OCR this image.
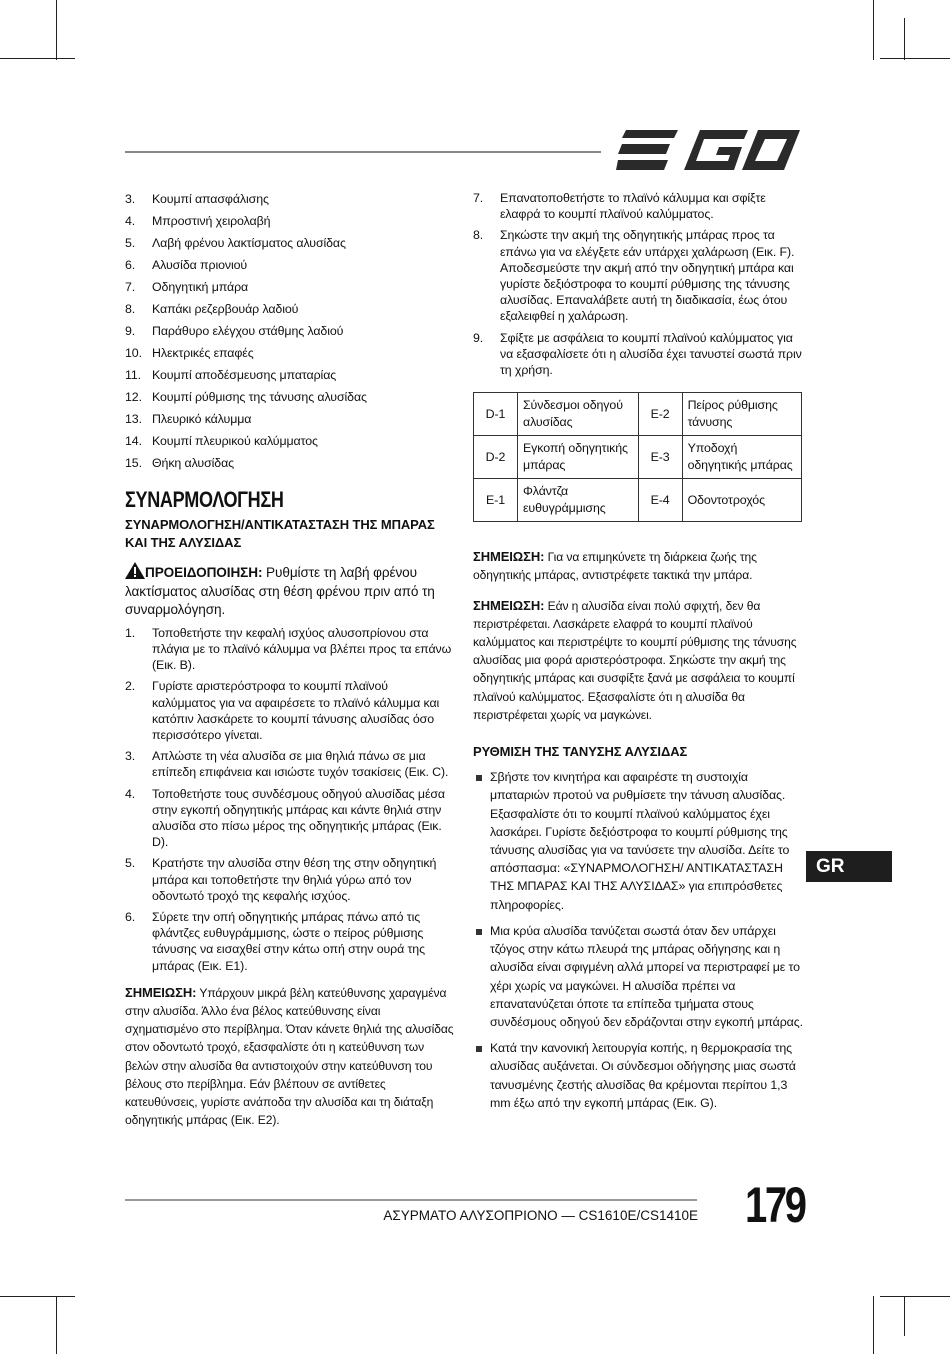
3. Κουμπί απασφάλισης
4. Μπροστινή χειρολαβή
5. Λαβή φρένου λακτίσματος αλυσίδας
6. Αλυσίδα πριονιού
7. Οδηγητική μπάρα
8. Καπάκι ρεζερβουάρ λαδιού
9. Παράθυρο ελέγχου στάθμης λαδιού
10. Ηλεκτρικές επαφές
11. Κουμπί αποδέσμευσης μπαταρίας
12. Κουμπί ρύθμισης της τάνυσης αλυσίδας
13. Πλευρικό κάλυμμα
14. Κουμπί πλευρικού καλύμματος
15. Θήκη αλυσίδας
ΣΥΝΑΡΜΟΛΟΓΗΣΗ
ΣΥΝΑΡΜΟΛΟΓΗΣΗ/ΑΝΤΙΚΑΤΑΣΤΑΣΗ ΤΗΣ ΜΠΑΡΑΣ ΚΑΙ ΤΗΣ ΑΛΥΣΙΔΑΣ
ΠΡΟΕΙΔΟΠΟΙΗΣΗ: Ρυθμίστε τη λαβή φρένου λακτίσματος αλυσίδας στη θέση φρένου πριν από τη συναρμολόγηση.
1. Τοποθετήστε την κεφαλή ισχύος αλυσοπρίονου στα πλάγια με το πλαϊνό κάλυμμα να βλέπει προς τα επάνω (Εικ. B).
2. Γυρίστε αριστερόστροφα το κουμπί πλαϊνού καλύμματος για να αφαιρέσετε το πλαϊνό κάλυμμα και κατόπιν λασκάρετε το κουμπί τάνυσης αλυσίδας όσο περισσότερο γίνεται.
3. Απλώστε τη νέα αλυσίδα σε μια θηλιά πάνω σε μια επίπεδη επιφάνεια και ισιώστε τυχόν τσακίσεις (Εικ. C).
4. Τοποθετήστε τους συνδέσμους οδηγού αλυσίδας μέσα στην εγκοπή οδηγητικής μπάρας και κάντε θηλιά στην αλυσίδα στο πίσω μέρος της οδηγητικής μπάρας (Εικ. D).
5. Κρατήστε την αλυσίδα στην θέση της στην οδηγητική μπάρα και τοποθετήστε την θηλιά γύρω από τον οδοντωτό τροχό της κεφαλής ισχύος.
6. Σύρετε την οπή οδηγητικής μπάρας πάνω από τις φλάντζες ευθυγράμμισης, ώστε ο πείρος ρύθμισης τάνυσης να εισαχθεί στην κάτω οπή στην ουρά της μπάρας (Εικ. E1).
ΣΗΜΕΙΩΣΗ: Υπάρχουν μικρά βέλη κατεύθυνσης χαραγμένα στην αλυσίδα. Άλλο ένα βέλος κατεύθυνσης είναι σχηματισμένο στο περίβλημα. Όταν κάνετε θηλιά της αλυσίδας στον οδοντωτό τροχό, εξασφαλίστε ότι η κατεύθυνση των βελών στην αλυσίδα θα αντιστοιχούν στην κατεύθυνση του βέλους στο περίβλημα. Εάν βλέπουν σε αντίθετες κατευθύνσεις, γυρίστε ανάποδα την αλυσίδα και τη διάταξη οδηγητικής μπάρας (Εικ. E2).
7. Επανατοποθετήστε το πλαϊνό κάλυμμα και σφίξτε ελαφρά το κουμπί πλαϊνού καλύμματος.
8. Σηκώστε την ακμή της οδηγητικής μπάρας προς τα επάνω για να ελέγξετε εάν υπάρχει χαλάρωση (Εικ. F). Αποδεσμεύστε την ακμή από την οδηγητική μπάρα και γυρίστε δεξιόστροφα το κουμπί ρύθμισης της τάνυσης αλυσίδας. Επαναλάβετε αυτή τη διαδικασία, έως ότου εξαλειφθεί η χαλάρωση.
9. Σφίξτε με ασφάλεια το κουμπί πλαϊνού καλύμματος για να εξασφαλίσετε ότι η αλυσίδα έχει τανυστεί σωστά πριν τη χρήση.
D-1	Σύνδεσμοι οδηγού αλυσίδας	E-2	Πείρος ρύθμισης τάνυσης
D-2	Εγκοπή οδηγητικής μπάρας	E-3	Υποδοχή οδηγητικής μπάρας
E-1	Φλάντζα ευθυγράμμισης	E-4	Οδοντοτροχός
ΣΗΜΕΙΩΣΗ: Για να επιμηκύνετε τη διάρκεια ζωής της οδηγητικής μπάρας, αντιστρέφετε τακτικά την μπάρα.
ΣΗΜΕΙΩΣΗ: Εάν η αλυσίδα είναι πολύ σφιχτή, δεν θα περιστρέφεται. Λασκάρετε ελαφρά το κουμπί πλαϊνού καλύμματος και περιστρέψτε το κουμπί ρύθμισης της τάνυσης αλυσίδας μια φορά αριστερόστροφα. Σηκώστε την ακμή της οδηγητικής μπάρας και συσφίξτε ξανά με ασφάλεια το κουμπί πλαϊνού καλύμματος. Εξασφαλίστε ότι η αλυσίδα θα περιστρέφεται χωρίς να μαγκώνει.
ΡΥΘΜΙΣΗ ΤΗΣ ΤΑΝΥΣΗΣ ΑΛΥΣΙΔΑΣ
Σβήστε τον κινητήρα και αφαιρέστε τη συστοιχία μπαταριών προτού να ρυθμίσετε την τάνυση αλυσίδας. Εξασφαλίστε ότι το κουμπί πλαϊνού καλύμματος έχει λασκάρει. Γυρίστε δεξιόστροφα το κουμπί ρύθμισης της τάνυσης αλυσίδας για να τανύσετε την αλυσίδα. Δείτε το απόσπασμα: «ΣΥΝΑΡΜΟΛΟΓΗΣΗ/ ΑΝΤΙΚΑΤΑΣΤΑΣΗ ΤΗΣ ΜΠΑΡΑΣ ΚΑΙ ΤΗΣ ΑΛΥΣΙΔΑΣ» για επιπρόσθετες πληροφορίες.
Μια κρύα αλυσίδα τανύζεται σωστά όταν δεν υπάρχει τζόγος στην κάτω πλευρά της μπάρας οδήγησης και η αλυσίδα είναι σφιγμένη αλλά μπορεί να περιστραφεί με το χέρι χωρίς να μαγκώνει. Η αλυσίδα πρέπει να επανατανύζεται όποτε τα επίπεδα τμήματα στους συνδέσμους οδηγού δεν εδράζονται στην εγκοπή μπάρας.
Κατά την κανονική λειτουργία κοπής, η θερμοκρασία της αλυσίδας αυξάνεται. Οι σύνδεσμοι οδήγησης μιας σωστά τανυσμένης ζεστής αλυσίδας θα κρέμονται περίπου 1,3 mm έξω από την εγκοπή μπάρας (Εικ. G).
GR
ΑΣΥΡΜΑΤΟ ΑΛΥΣΟΠΡΙΟΝΟ — CS1610E/CS1410E 179
